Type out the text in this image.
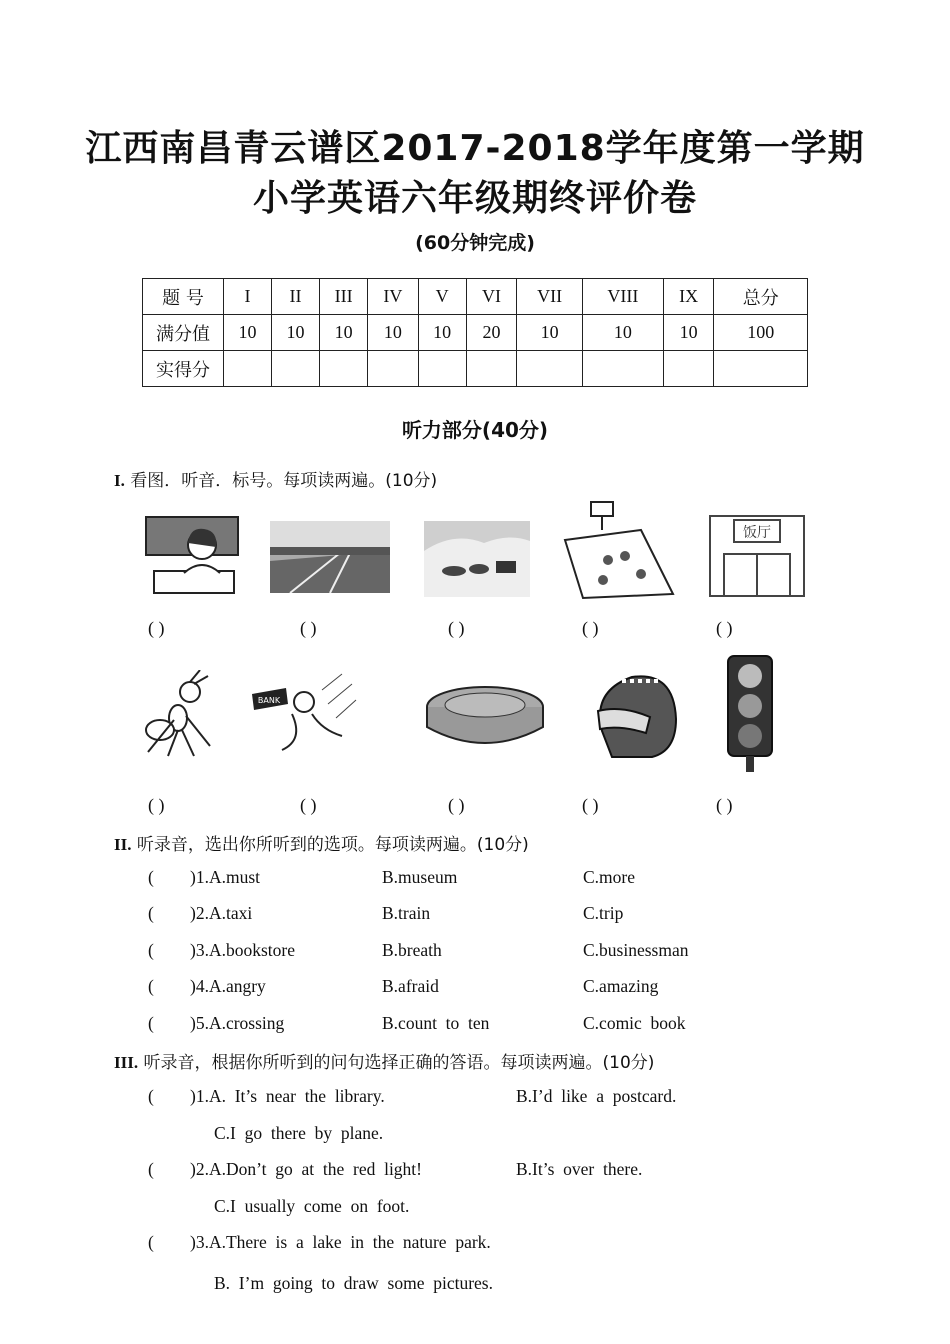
江西南昌青云谱区2017-2018学年度第一学期
小学英语六年级期终评价卷
(60分钟完成)
题 号	I	II	III	IV	V	VI	VII	VIII	IX	总分
满分值	10	10	10	10	10	20	10	10	10	100
实得分										
听力部分(40分)
I. 看图．听音．标号。每项读两遍。(10分)
饭厅
( )	( )	( )	( )	( )
BANK
( )	( )	( )	( )	( )
II. 听录音，选出你所听到的选项。每项读两遍。(10分)
( )1.A.must	B.museum	C.more
( )2.A.taxi	B.train	C.trip
( )3.A.bookstore	B.breath	C.businessman
( )4.A.angry	B.afraid	C.amazing
( )5.A.crossing	B.count  to  ten	C.comic  book
III. 听录音，根据你所听到的问句选择正确的答语。每项读两遍。(10分)
( )1.A.  It’s  near  the  library.	B.I’d  like  a  postcard.
C.I  go  there  by  plane.
( )2.A.Don’t  go  at  the  red  light!	B.It’s  over  there.
C.I  usually  come  on  foot.
( )3.A.There  is  a  lake  in  the  nature  park.
B.  I’m  going  to  draw  some  pictures.
